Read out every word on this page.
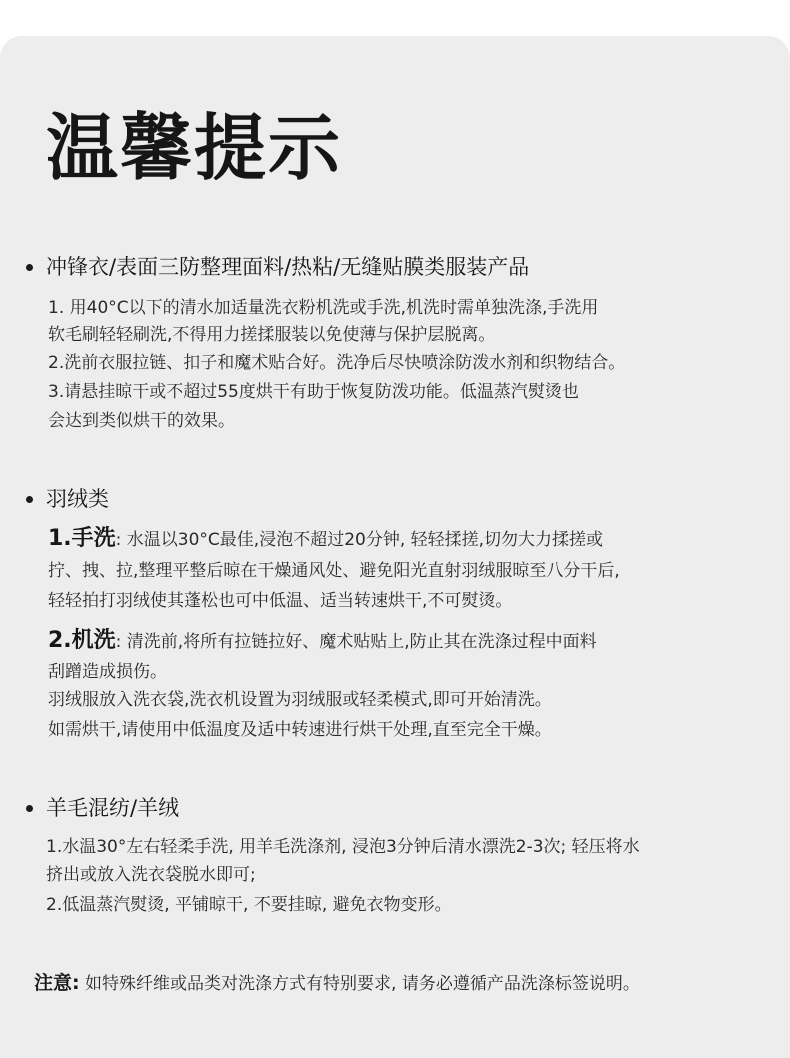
温馨提示
冲锋衣/表面三防整理面料/热粘/无缝贴膜类服装产品
1. 用40°C以下的清水加适量洗衣粉机洗或手洗,机洗时需单独洗涤,手洗用
软毛刷轻轻刷洗,不得用力搓揉服装以免使薄与保护层脱离。
2.洗前衣服拉链、扣子和魔术贴合好。洗净后尽快喷涂防泼水剂和织物结合。
3.请悬挂晾干或不超过55度烘干有助于恢复防泼功能。低温蒸汽熨烫也
会达到类似烘干的效果。
羽绒类
1.手洗: 水温以30°C最佳,浸泡不超过20分钟, 轻轻揉搓,切勿大力揉搓或
拧、拽、拉,整理平整后晾在干燥通风处、避免阳光直射羽绒服晾至八分干后,
轻轻拍打羽绒使其蓬松也可中低温、适当转速烘干,不可熨烫。
2.机洗: 清洗前,将所有拉链拉好、魔术贴贴上,防止其在洗涤过程中面料
刮蹭造成损伤。
羽绒服放入洗衣袋,洗衣机设置为羽绒服或轻柔模式,即可开始清洗。
如需烘干,请使用中低温度及适中转速进行烘干处理,直至完全干燥。
羊毛混纺/羊绒
1.水温30°左右轻柔手洗, 用羊毛洗涤剂, 浸泡3分钟后清水漂洗2-3次; 轻压将水
挤出或放入洗衣袋脱水即可;
2.低温蒸汽熨烫, 平铺晾干, 不要挂晾, 避免衣物变形。
注意: 如特殊纤维或品类对洗涤方式有特别要求, 请务必遵循产品洗涤标签说明。
